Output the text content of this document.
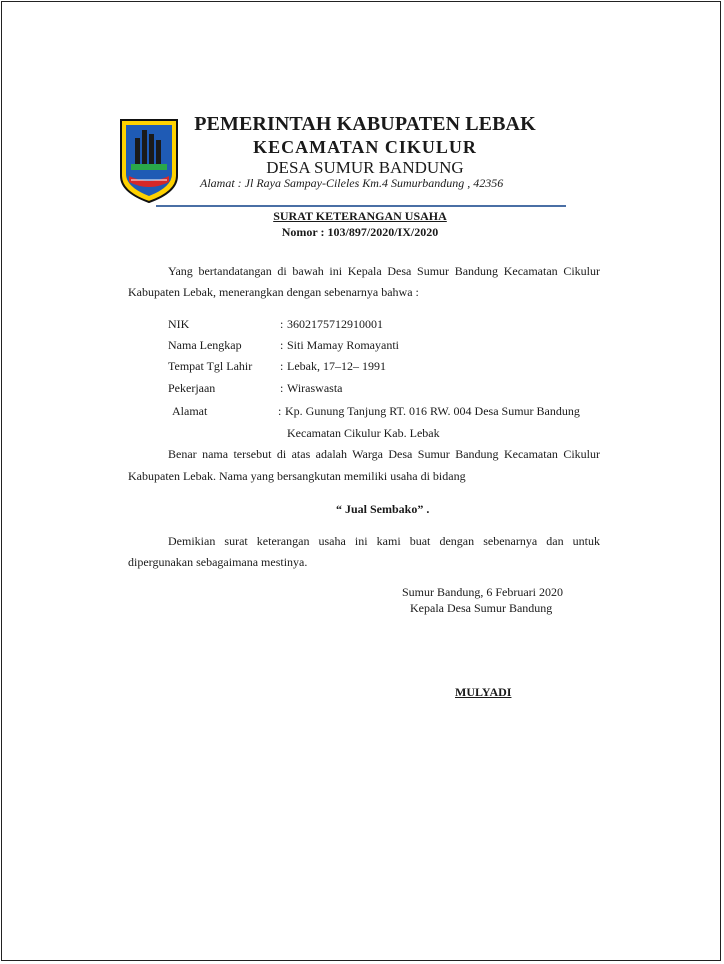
PEMERINTAH KABUPATEN LEBAK

KECAMATAN CIKULUR

DESA SUMUR BANDUNG

Alamat : Jl Raya Sampay-Cileles Km.4 Sumurbandung , 42356
SURAT KETERANGAN USAHA
Nomor : 103/897/2020/IX/2020
Yang bertandatangan di bawah ini Kepala Desa Sumur Bandung Kecamatan Cikulur
Kabupaten Lebak, menerangkan dengan sebenarnya bahwa :
NIK	: 3602175712910001
Nama Lengkap	: Siti Mamay Romayanti
Tempat Tgl Lahir : Lebak, 17–12– 1991
Pekerjaan	: Wiraswasta
Alamat	: Kp. Gunung Tanjung RT. 016 RW. 004 Desa Sumur Bandung
Kecamatan Cikulur Kab. Lebak
Benar nama tersebut di atas adalah Warga Desa Sumur Bandung Kecamatan Cikulur
Kabupaten Lebak. Nama yang bersangkutan memiliki usaha di bidang
“ Jual Sembako” .
Demikian surat keterangan usaha ini kami buat dengan sebenarnya dan untuk
dipergunakan sebagaimana mestinya.
Sumur Bandung, 6 Februari 2020
Kepala Desa Sumur Bandung
MULYADI
